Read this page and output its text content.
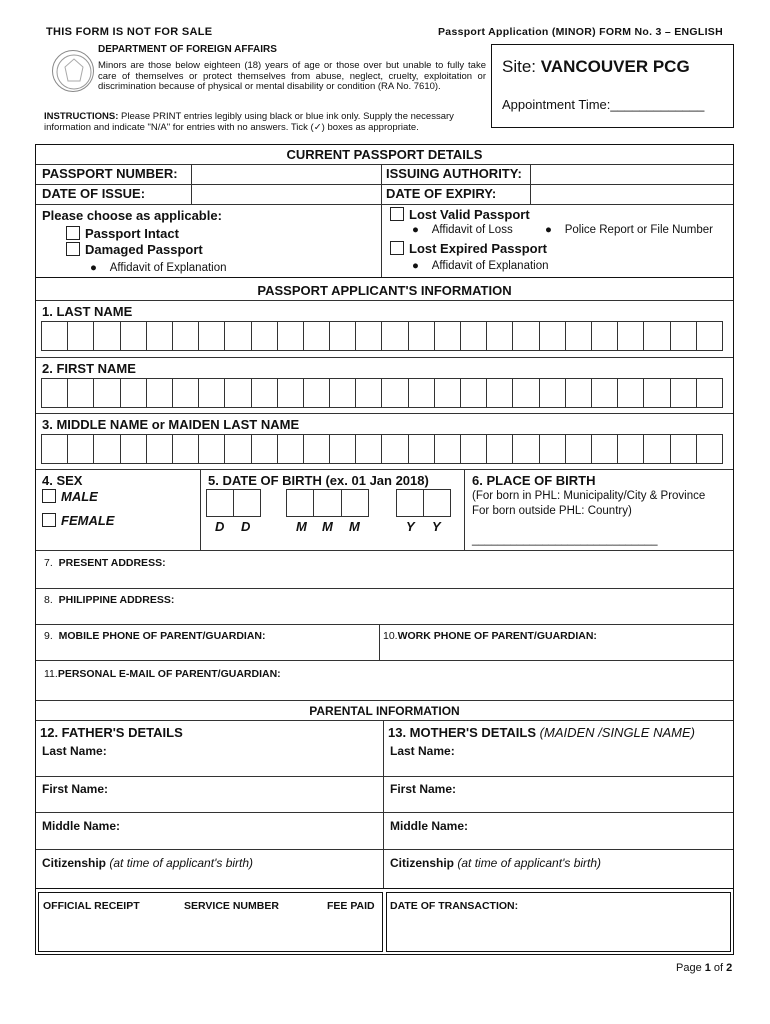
THIS FORM IS NOT FOR SALE	Passport Application (MINOR) FORM No. 3 – ENGLISH
DEPARTMENT OF FOREIGN AFFAIRS
Minors are those below eighteen (18) years of age or those over but unable to fully take care of themselves or protect themselves from abuse, neglect, cruelty, exploitation or discrimination because of physical or mental disability or condition (RA No. 7610).
INSTRUCTIONS: Please PRINT entries legibly using black or blue ink only. Supply the necessary information and indicate "N/A" for entries with no answers. Tick (✓) boxes as appropriate.
Site: VANCOUVER PCG
Appointment Time:_____________
CURRENT PASSPORT DETAILS
PASSPORT NUMBER:	ISSUING AUTHORITY:
DATE OF ISSUE:	DATE OF EXPIRY:
Please choose as applicable:
Passport Intact
Damaged Passport
●    Affidavit of Explanation
Lost Valid Passport
●    Affidavit of Loss	●    Police Report or File Number
Lost Expired Passport
●    Affidavit of Explanation
PASSPORT APPLICANT'S INFORMATION
1. LAST NAME
2. FIRST NAME
3. MIDDLE NAME or MAIDEN LAST NAME
4. SEX
MALE
FEMALE
5. DATE OF BIRTH (ex. 01 Jan 2018)
D D	M M M	Y Y
6. PLACE OF BIRTH
(For born in PHL: Municipality/City & Province
For born outside PHL: Country)
_____________________________
7. PRESENT ADDRESS:
8. PHILIPPINE ADDRESS:
9. MOBILE PHONE OF PARENT/GUARDIAN:	10.WORK PHONE OF PARENT/GUARDIAN:
11.PERSONAL E-MAIL OF PARENT/GUARDIAN:
PARENTAL INFORMATION
12. FATHER'S DETAILS	13. MOTHER'S DETAILS (MAIDEN /SINGLE NAME)
Last Name:	Last Name:
First Name:	First Name:
Middle Name:	Middle Name:
Citizenship (at time of applicant's birth)	Citizenship (at time of applicant's birth)
OFFICIAL RECEIPT	SERVICE NUMBER	FEE PAID DATE OF TRANSACTION:
Page 1 of 2
